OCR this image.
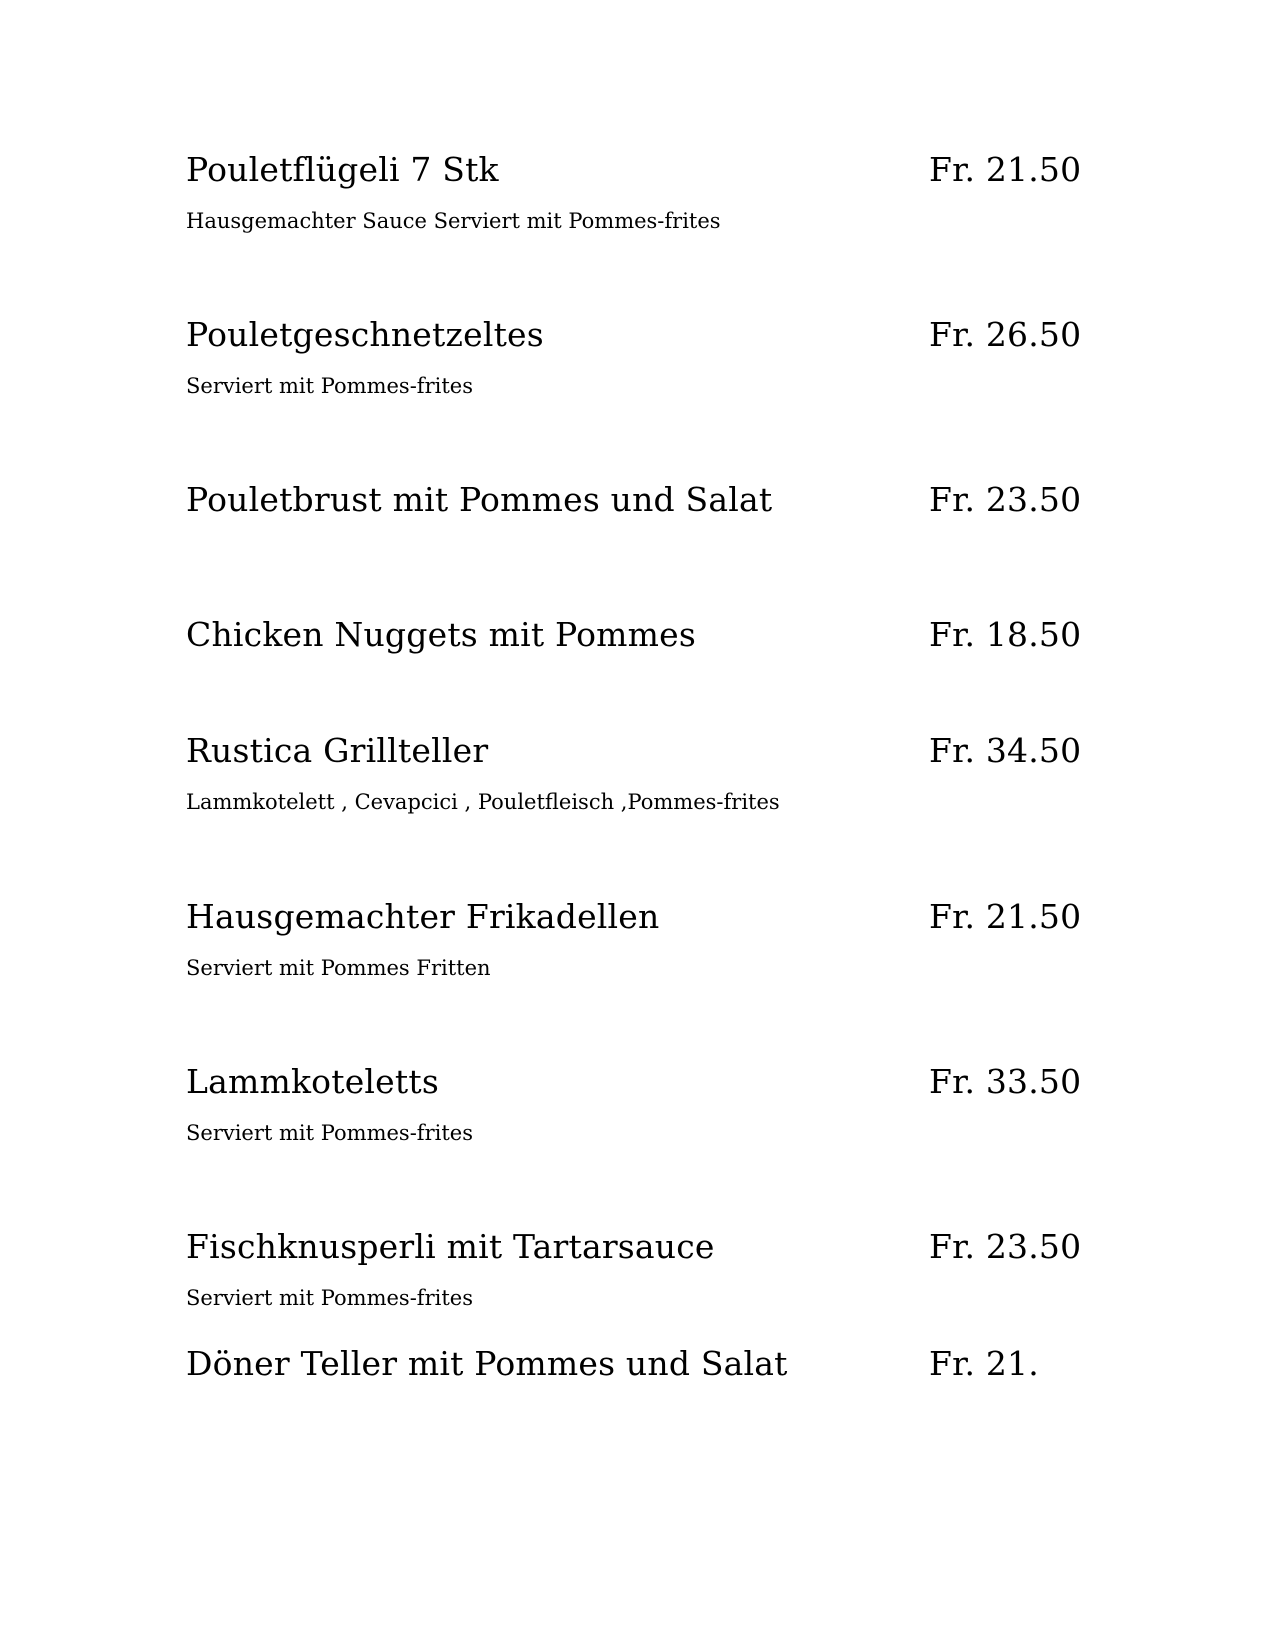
Pouletflügeli 7 Stk	Fr. 21.50
Hausgemachter Sauce Serviert mit Pommes-frites
Pouletgeschnetzeltes	Fr. 26.50
Serviert mit Pommes-frites
Pouletbrust mit Pommes und Salat	Fr. 23.50
Chicken Nuggets mit Pommes	Fr. 18.50
Rustica Grillteller	Fr. 34.50
Lammkotelett , Cevapcici , Pouletfleisch ,Pommes-frites
Hausgemachter Frikadellen	Fr. 21.50
Serviert mit Pommes Fritten
Lammkoteletts	Fr. 33.50
Serviert mit Pommes-frites
Fischknusperli mit Tartarsauce	Fr. 23.50
Serviert mit Pommes-frites
Döner Teller mit Pommes und Salat	Fr. 21.
